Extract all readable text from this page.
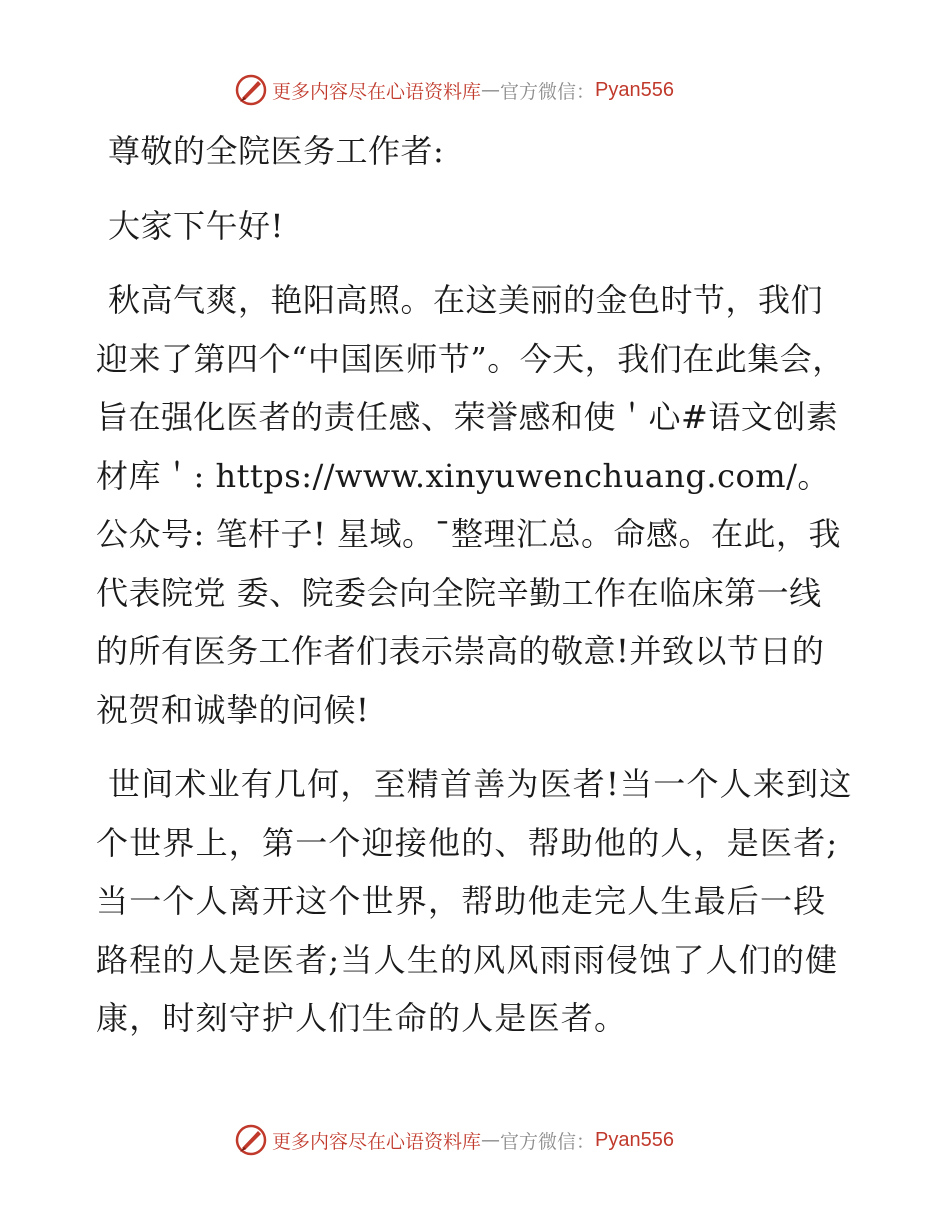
更多内容尽在心语资料库 — 官方微信： Pyan556

尊敬的全院医务工作者:

大家下午好!

秋高气爽，艳阳高照。在这美丽的金色时节，我们迎来了第四个“中国医师节”。今天，我们在此集会，旨在强化医者的责任感、荣誉感和使＇心#语文创素材库＇: https://www.xinyuwenchuang.com/。公众号: 笔杆子! 星域。¯整理汇总。命感。在此，我代表院党 委、院委会向全院辛勤工作在临床第一线的所有医务工作者们表示崇高的敬意!并致以节日的祝贺和诚挚的问候!

世间术业有几何，至精首善为医者!当一个人来到这个世界上，第一个迎接他的、帮助他的人，是医者;当一个人离开这个世界，帮助他走完人生最后一段路程的人是医者;当人生的风风雨雨侵蚀了人们的健康，时刻守护人们生命的人是医者。

更多内容尽在心语资料库 — 官方微信： Pyan556
